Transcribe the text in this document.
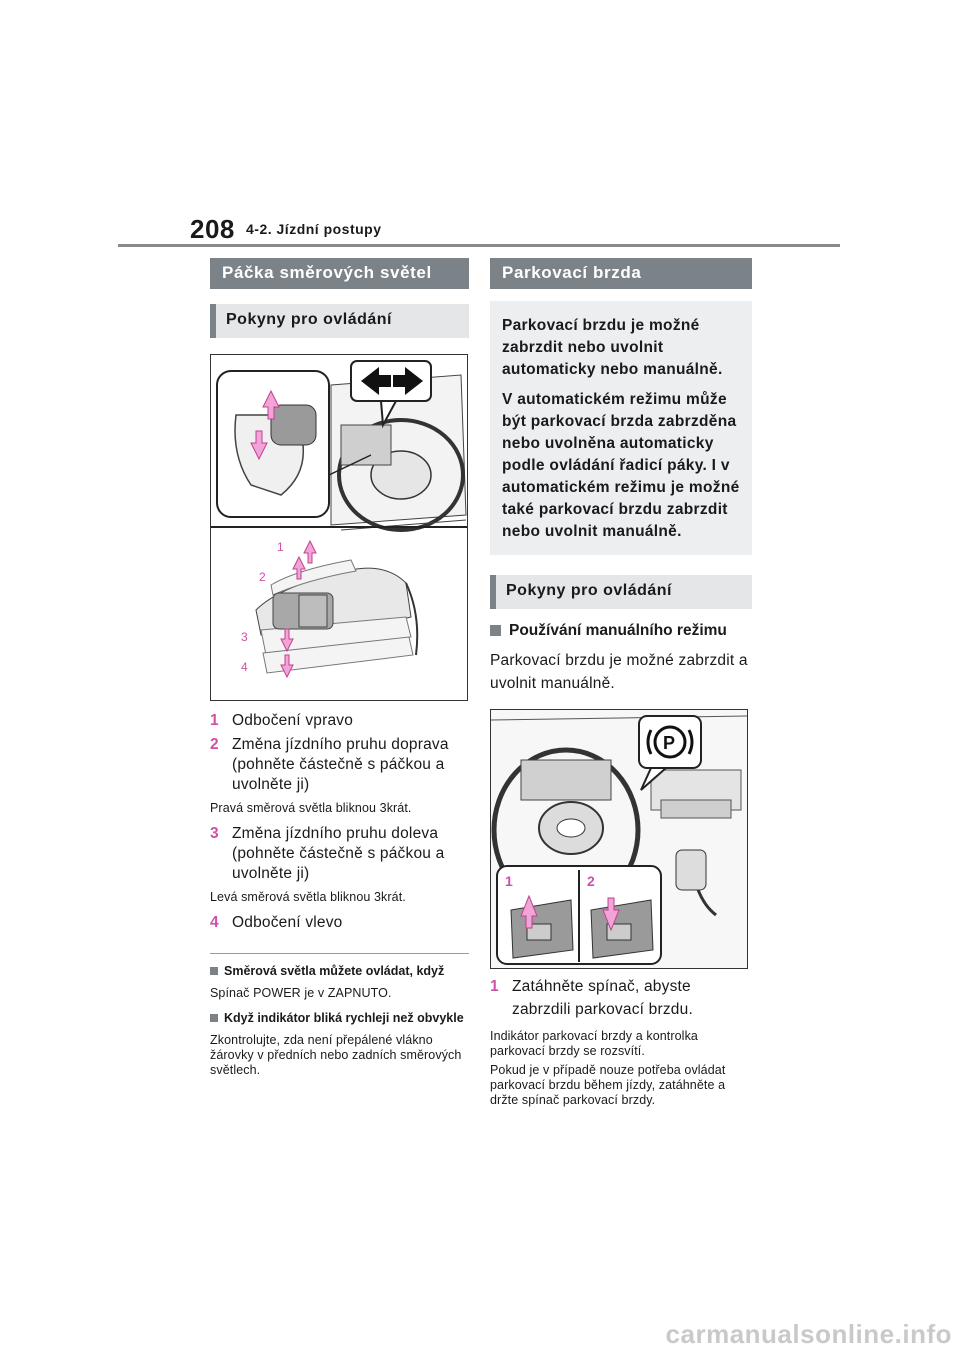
208 4-2. Jízdní postupy
Páčka směrových světel
Pokyny pro ovládání
1
2
3
4
1 Odbočení vpravo
2 Změna jízdního pruhu doprava (pohněte částečně s páčkou a uvolněte ji)
Pravá směrová světla bliknou 3krát.
3 Změna jízdního pruhu doleva (pohněte částečně s páčkou a uvolněte ji)
Levá směrová světla bliknou 3krát.
4 Odbočení vlevo
Směrová světla můžete ovládat, když
Spínač POWER je v ZAPNUTO.
Když indikátor bliká rychleji než obvykle
Zkontrolujte, zda není přepálené vlákno žárovky v předních nebo zadních směrových světlech.
Parkovací brzda

Parkovací brzdu je možné zabrzdit nebo uvolnit automaticky nebo manuálně.

V automatickém režimu může být parkovací brzda zabrzděna nebo uvolněna automaticky podle ovládání řadicí páky. I v automatickém režimu je možné také parkovací brzdu zabrzdit nebo uvolnit manuálně.

Pokyny pro ovládání
Používání manuálního režimu
Parkovací brzdu je možné zabrzdit a uvolnit manuálně.
P
1	2
1 Zatáhněte spínač, abyste zabrzdili parkovací brzdu.
Indikátor parkovací brzdy a kontrolka parkovací brzdy se rozsvítí.
Pokud je v případě nouze potřeba ovládat parkovací brzdu během jízdy, zatáhněte a držte spínač parkovací brzdy.
carmanualsonline.info
